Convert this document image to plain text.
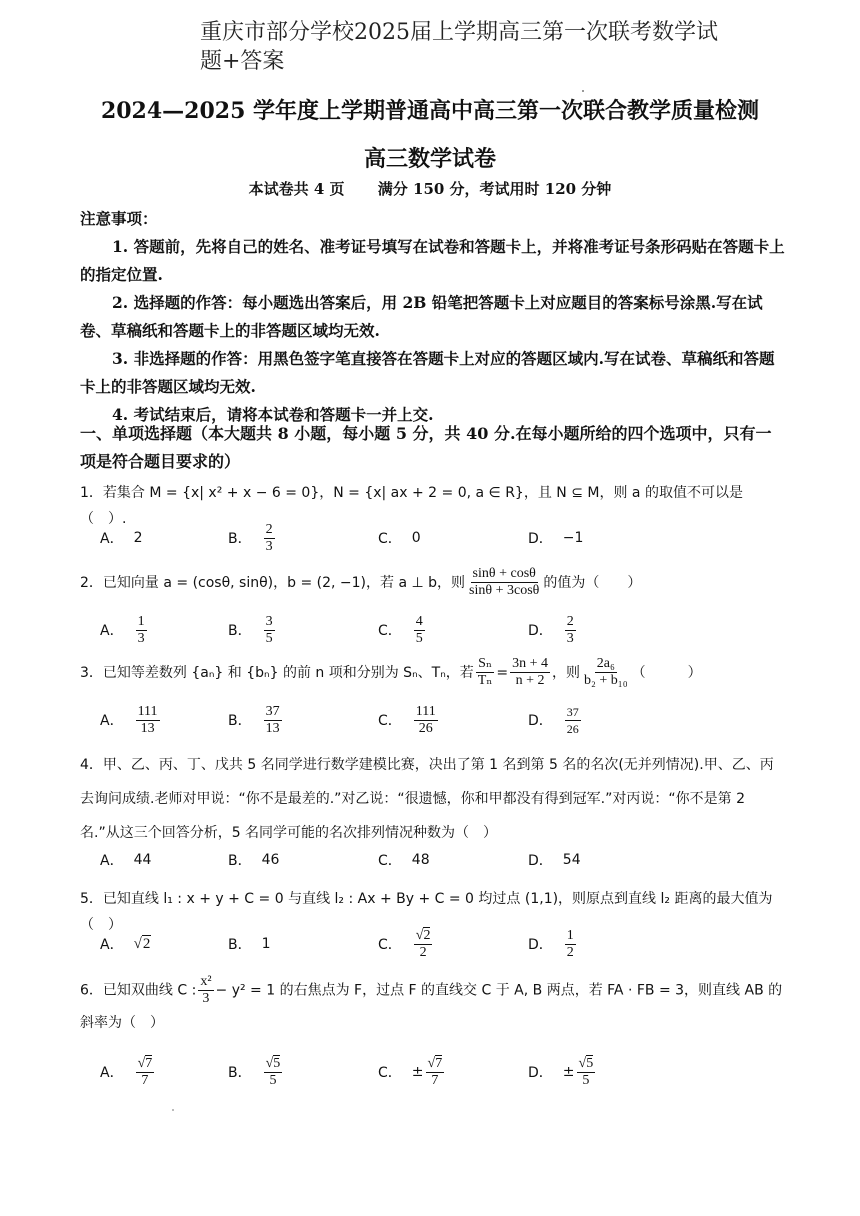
重庆市部分学校2025届上学期高三第一次联考数学试题+答案
2024—2025 学年度上学期普通高中高三第一次联合教学质量检测
高三数学试卷
本试卷共 4 页 满分 150 分，考试用时 120 分钟

注意事项：

1. 答题前，先将自己的姓名、准考证号填写在试卷和答题卡上，并将准考证号条形码贴在答题卡上的指定位置.

2. 选择题的作答：每小题选出答案后，用 2B 铅笔把答题卡上对应题目的答案标号涂黑.写在试卷、草稿纸和答题卡上的非答题区域均无效.

3. 非选择题的作答：用黑色签字笔直接答在答题卡上对应的答题区域内.写在试卷、草稿纸和答题卡上的非答题区域均无效.

4. 考试结束后，请将本试卷和答题卡一并上交.

一、单项选择题（本大题共 8 小题，每小题 5 分，共 40 分.在每小题所给的四个选项中，只有一项是符合题目要求的）
1．若集合 M = {x| x² + x − 6 = 0}，N = {x| ax + 2 = 0, a ∈ R}，且 N ⊆ M，则 a 的取值不可以是（　）.
A． 2	B． $\frac{2}{3}$	C． 0	D． −1
2．已知向量 a = (cosθ, sinθ)，b = (2, −1)，若 a ⊥ b，则 $\frac{\sin\theta + \cos\theta}{\sin\theta + 3\cos\theta}$ 的值为（　　）
A． $\frac{1}{3}$	B． $\frac{3}{5}$	C． $\frac{4}{5}$	D． $\frac{2}{3}$
3．已知等差数列 {aₙ} 和 {bₙ} 的前 n 项和分别为 Sₙ、Tₙ，若 $\frac{\text{Sₙ}}{\text{Tₙ}} = \frac{3n + 4}{n + 2}$ ，则 $\frac{\text{2a₆}}{\text{b₂ + b₁₀}}$ （　　　）
A． $\frac{111}{13}$	B． $\frac{37}{13}$	C． $\frac{111}{26}$	D． $\frac{37}{26}$
4．甲、乙、丙、丁、戊共 5 名同学进行数学建模比赛，决出了第 1 名到第 5 名的名次(无并列情况).甲、乙、丙去询问成绩.老师对甲说：“你不是最差的.”对乙说：“很遗憾，你和甲都没有得到冠军.”对丙说：“你不是第 2 名.”从这三个回答分析，5 名同学可能的名次排列情况种数为（　）
A． 44	B． 46	C． 48	D． 54
5．已知直线 l₁ : x + y + C = 0 与直线 l₂ : Ax + By + C = 0 均过点 (1,1)，则原点到直线 l₂ 距离的最大值为（　）
A． √2	B． 1	C． $\frac{√2}{2}$	D． $\frac{1}{2}$
6．已知双曲线 C : $\frac{\text{x²}}{3} - y^2 = 1$ 的右焦点为 F，过点 F 的直线交 C 于 A, B 两点，若 FA · FB = 3，则直线 AB 的斜率为（　）
A． $\frac{√7}{7}$	B． $\frac{√5}{5}$	C． ± $\frac{√7}{7}$	D． ± $\frac{√5}{5}$
